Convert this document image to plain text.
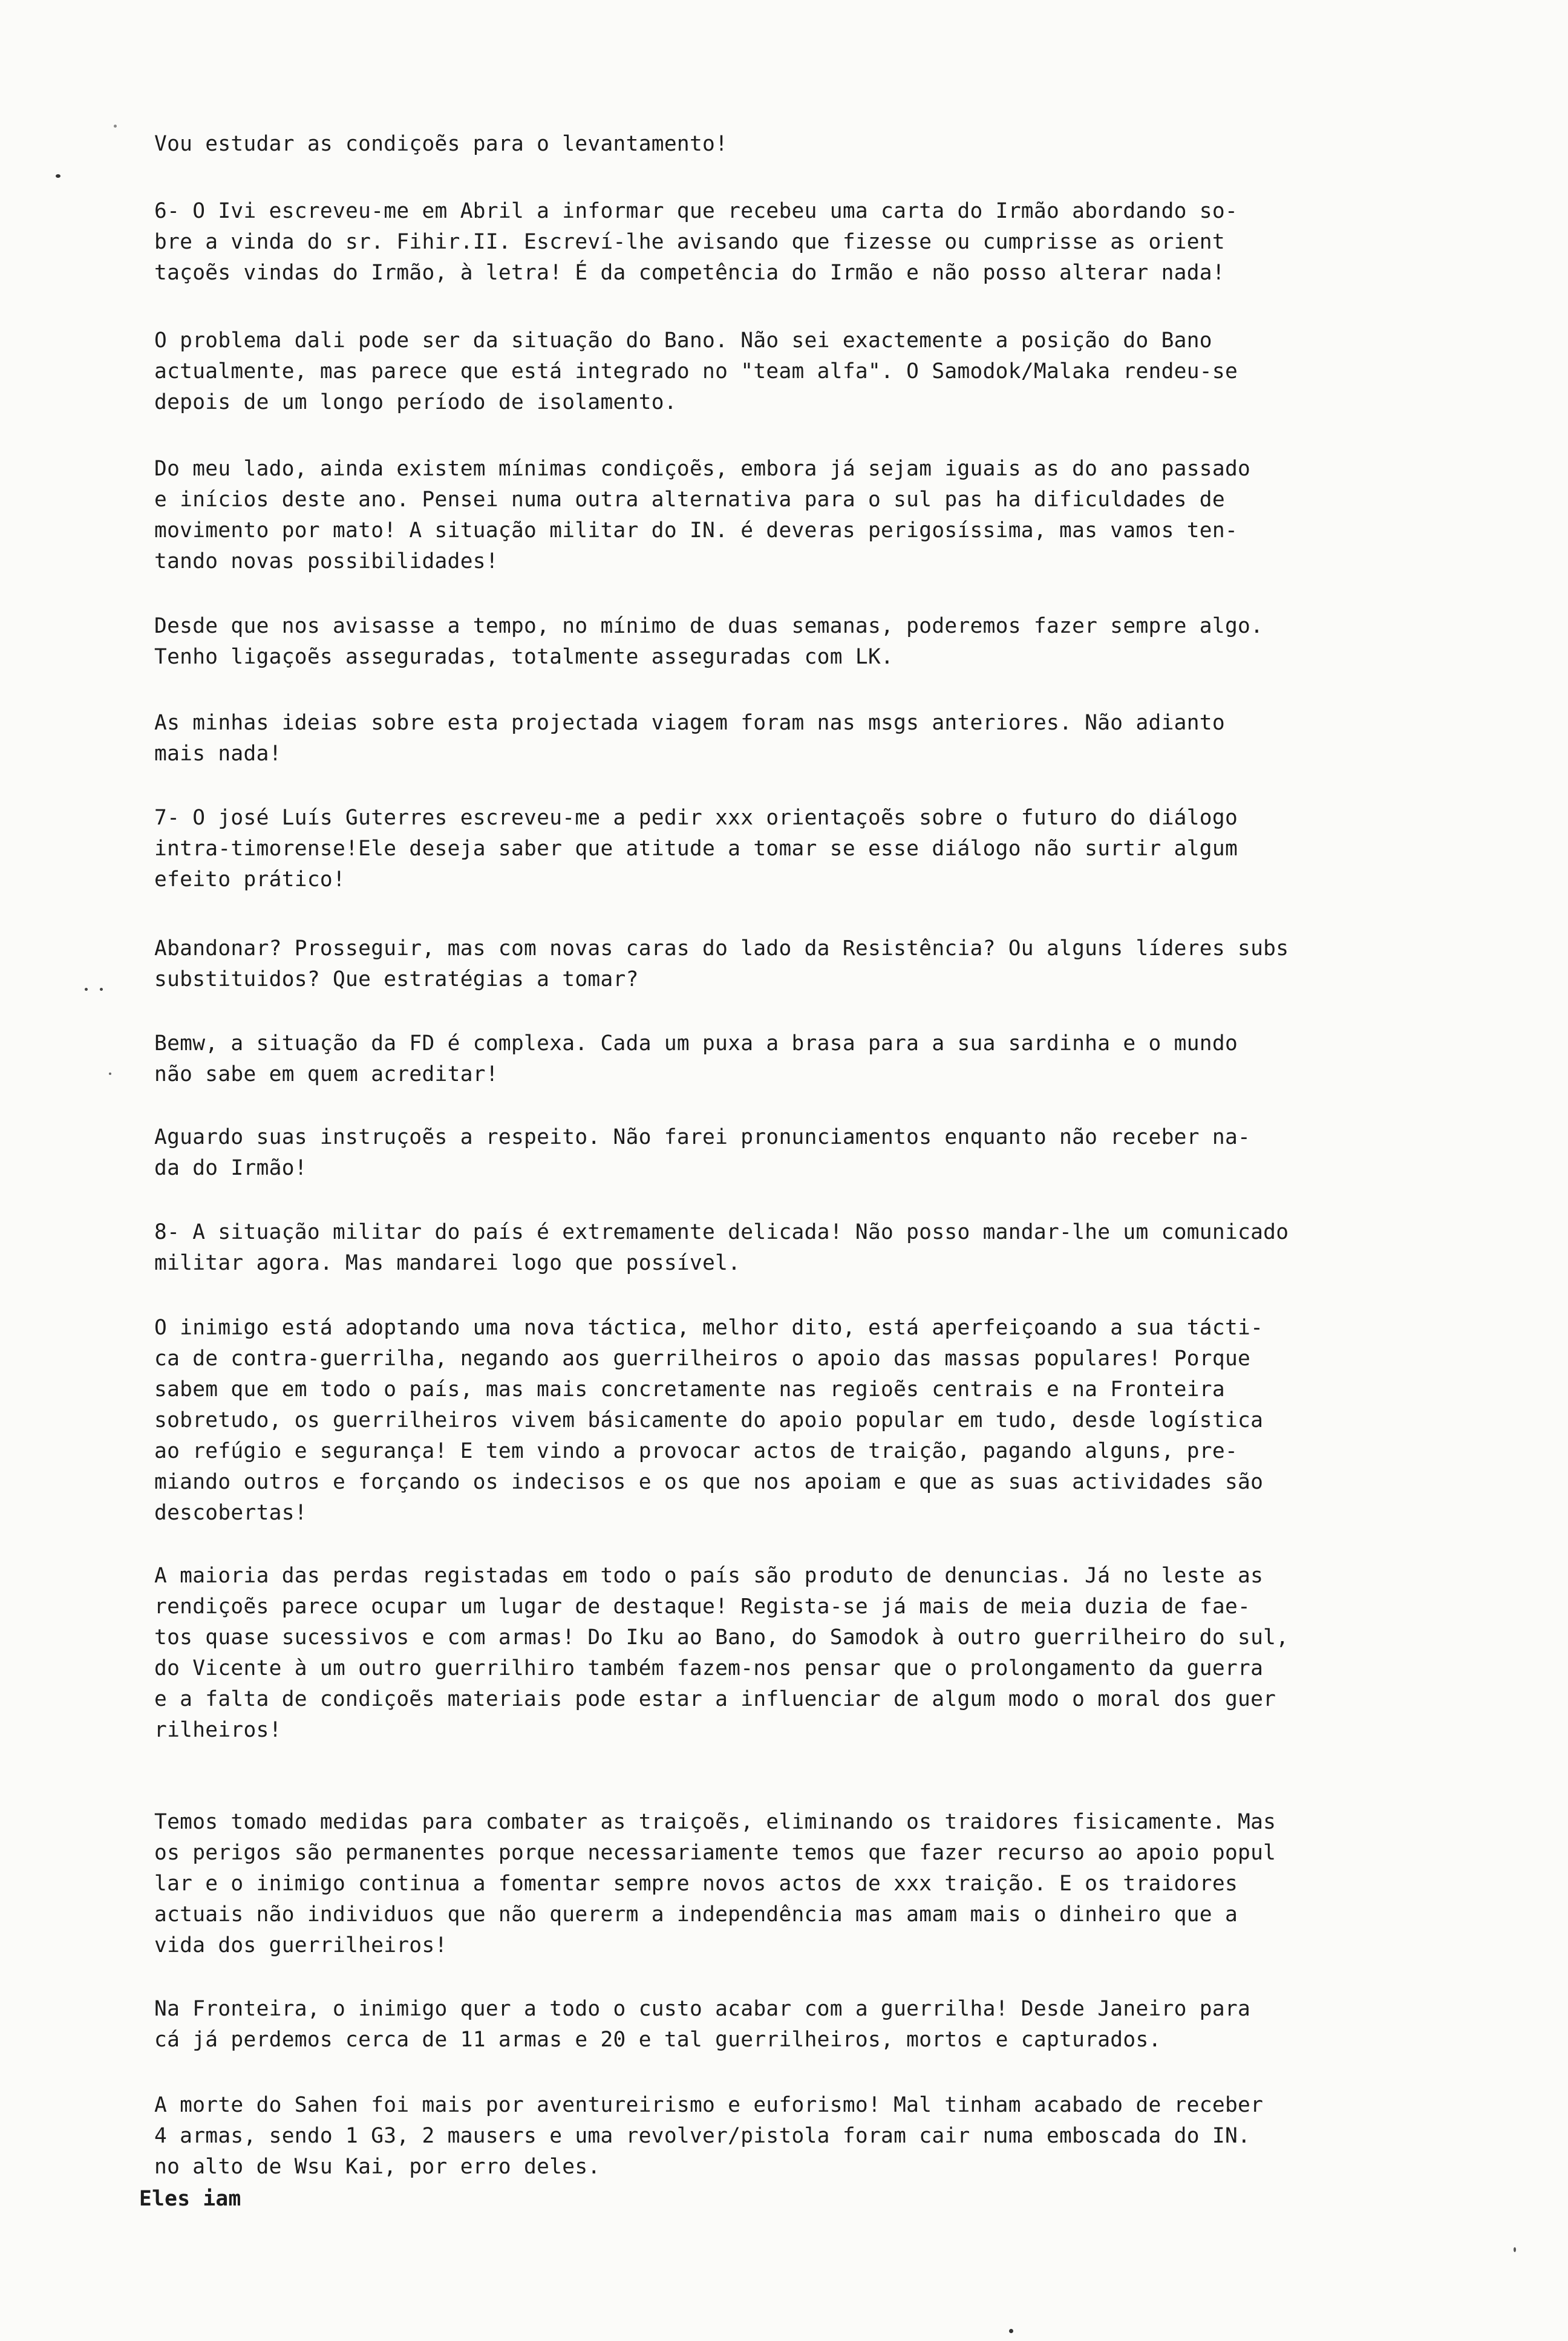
Vou estudar as condiçoẽs para o levantamento!
6- O Ivi escreveu-me em Abril a informar que recebeu uma carta do Irmão abordando so-
bre a vinda do sr. Fihir.II. Escreví-lhe avisando que fizesse ou cumprisse as orient
taçoẽs vindas do Irmão, à letra! É da competência do Irmão e não posso alterar nada!
O problema dali pode ser da situação do Bano. Não sei exactemente a posição do Bano
actualmente, mas parece que está integrado no "team alfa". O Samodok/Malaka rendeu-se
depois de um longo período de isolamento.
Do meu lado, ainda existem mínimas condiçoẽs, embora já sejam iguais as do ano passado
e inícios deste ano. Pensei numa outra alternativa para o sul pas ha dificuldades de
movimento por mato! A situação militar do IN. é deveras perigosíssima, mas vamos ten-
tando novas possibilidades!
Desde que nos avisasse a tempo, no mínimo de duas semanas, poderemos fazer sempre algo.
Tenho ligaçoẽs asseguradas, totalmente asseguradas com LK.
As minhas ideias sobre esta projectada viagem foram nas msgs anteriores. Não adianto
mais nada!
7- O josé Luís Guterres escreveu-me a pedir xxx orientaçoẽs sobre o futuro do diálogo
intra-timorense!Ele deseja saber que atitude a tomar se esse diálogo não surtir algum
efeito prático!
Abandonar? Prosseguir, mas com novas caras do lado da Resistência? Ou alguns líderes subs
substituidos? Que estratégias a tomar?
Bemw, a situação da FD é complexa. Cada um puxa a brasa para a sua sardinha e o mundo
não sabe em quem acreditar!
Aguardo suas instruçoẽs a respeito. Não farei pronunciamentos enquanto não receber na-
da do Irmão!
8- A situação militar do país é extremamente delicada! Não posso mandar-lhe um comunicado
militar agora. Mas mandarei logo que possível.
O inimigo está adoptando uma nova táctica, melhor dito, está aperfeiçoando a sua tácti-
ca de contra-guerrilha, negando aos guerrilheiros o apoio das massas populares! Porque
sabem que em todo o país, mas mais concretamente nas regioẽs centrais e na Fronteira
sobretudo, os guerrilheiros vivem básicamente do apoio popular em tudo, desde logística
ao refúgio e segurança! E tem vindo a provocar actos de traição, pagando alguns, pre-
miando outros e forçando os indecisos e os que nos apoiam e que as suas actividades são
descobertas!
A maioria das perdas registadas em todo o país são produto de denuncias. Já no leste as
rendiçoẽs parece ocupar um lugar de destaque! Regista-se já mais de meia duzia de fae-
tos quase sucessivos e com armas! Do Iku ao Bano, do Samodok à outro guerrilheiro do sul,
do Vicente à um outro guerrilhiro também fazem-nos pensar que o prolongamento da guerra
e a falta de condiçoẽs materiais pode estar a influenciar de algum modo o moral dos guer
rilheiros!
Temos tomado medidas para combater as traiçoẽs, eliminando os traidores fisicamente. Mas
os perigos são permanentes porque necessariamente temos que fazer recurso ao apoio popul
lar e o inimigo continua a fomentar sempre novos actos de xxx traição. E os traidores
actuais não individuos que não quererm a independência mas amam mais o dinheiro que a
vida dos guerrilheiros!
Na Fronteira, o inimigo quer a todo o custo acabar com a guerrilha! Desde Janeiro para
cá já perdemos cerca de 11 armas e 20 e tal guerrilheiros, mortos e capturados.
A morte do Sahen foi mais por aventureirismo e euforismo! Mal tinham acabado de receber
4 armas, sendo 1 G3, 2 mausers e uma revolver/pistola foram cair numa emboscada do IN.
no alto de Wsu Kai, por erro deles.
Eles iam
